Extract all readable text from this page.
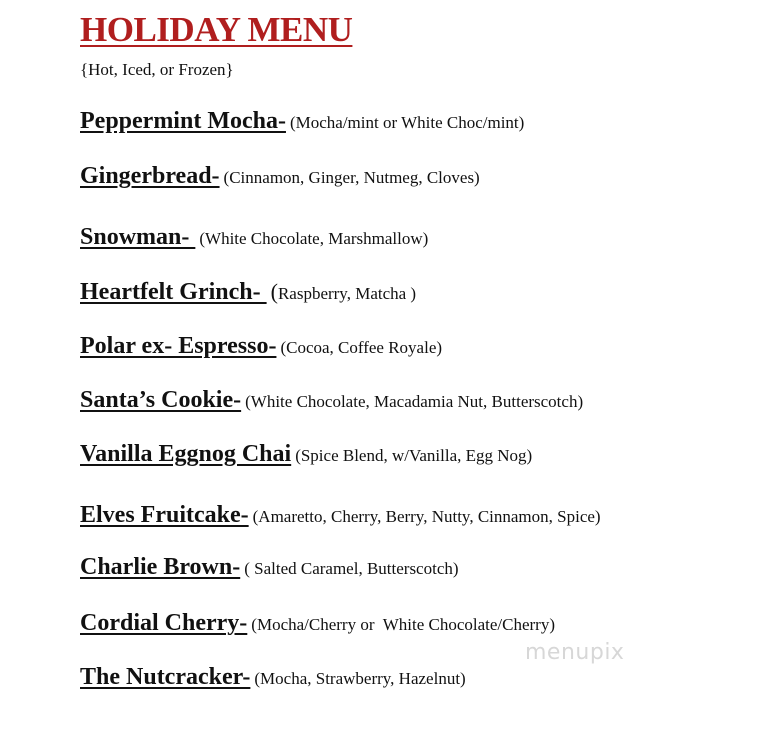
HOLIDAY MENU
{Hot, Iced, or Frozen}
Peppermint Mocha- (Mocha/mint or White Choc/mint)
Gingerbread- (Cinnamon, Ginger, Nutmeg, Cloves)
Snowman-  (White Chocolate, Marshmallow)
Heartfelt Grinch-  (Raspberry, Matcha )
Polar ex- Espresso- (Cocoa, Coffee Royale)
Santa’s Cookie- (White Chocolate, Macadamia Nut, Butterscotch)
Vanilla Eggnog Chai (Spice Blend, w/Vanilla, Egg Nog)
Elves Fruitcake- (Amaretto, Cherry, Berry, Nutty, Cinnamon, Spice)
Charlie Brown- ( Salted Caramel, Butterscotch)
Cordial Cherry- (Mocha/Cherry or  White Chocolate/Cherry)
The Nutcracker- (Mocha, Strawberry, Hazelnut)
menupix
